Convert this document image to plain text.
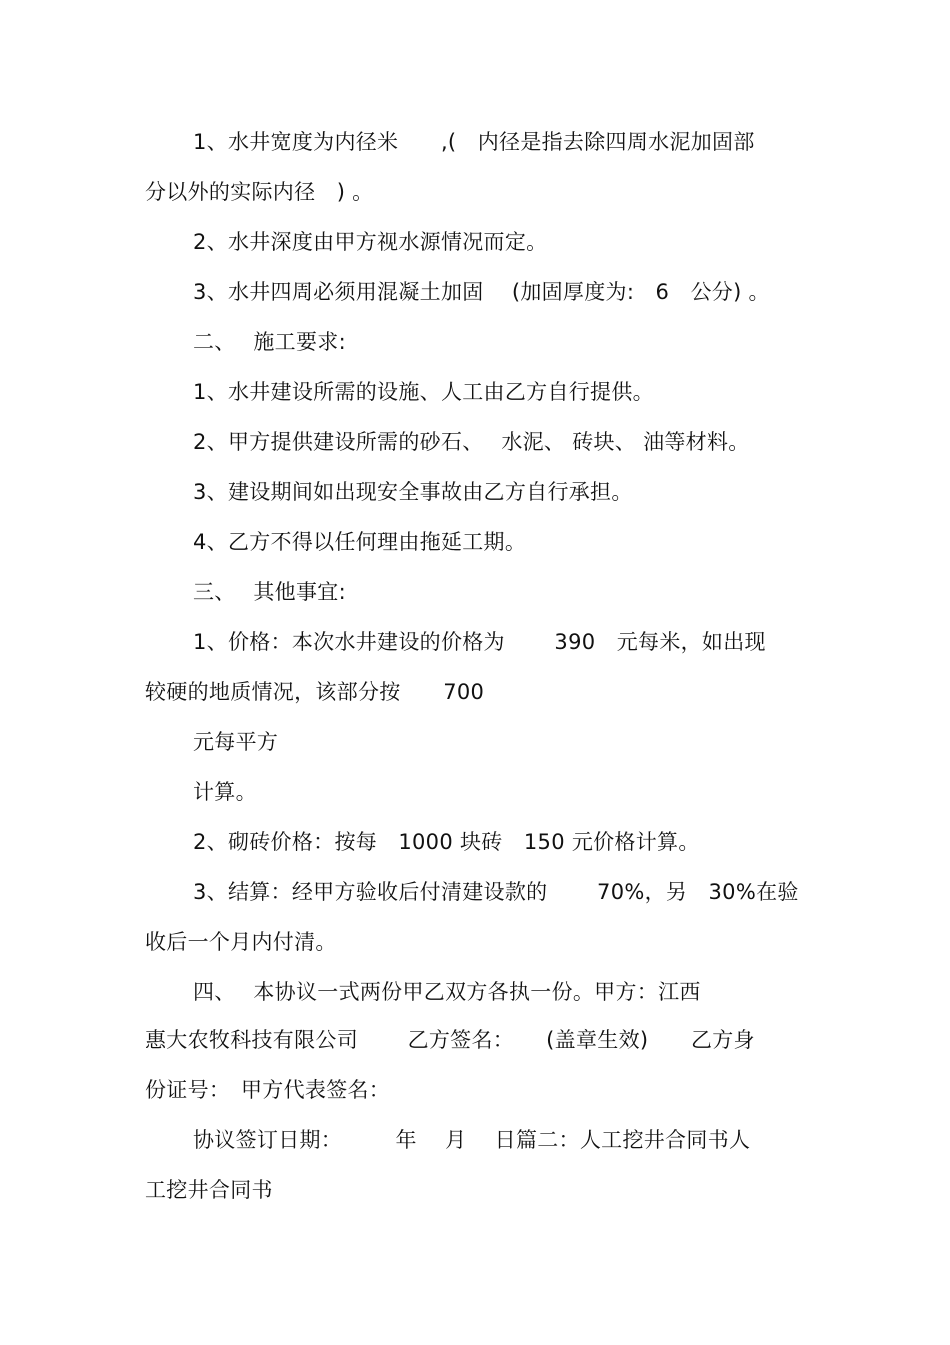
1、水井宽度为内径米　　,(　内径是指去除四周水泥加固部
分以外的实际内径　) 。
2、水井深度由甲方视水源情况而定。
3、水井四周必须用混凝土加固　 (加固厚度为:　6　公分) 。
二、　 施工要求:
1、水井建设所需的设施、人工由乙方自行提供。
2、甲方提供建设所需的砂石、　 水泥、 砖块、 油等材料。
3、建设期间如出现安全事故由乙方自行承担。
4、乙方不得以任何理由拖延工期。
三、　 其他事宜:
1、价格：本次水井建设的价格为　　 390　元每米，如出现
较硬的地质情况，该部分按　　700
元每平方
计算。
2、砌砖价格：按每　1000 块砖　150 元价格计算。
3、结算：经甲方验收后付清建设款的　　 70%，另　30%在验
收后一个月内付清。
四、　 本协议一式两份甲乙双方各执一份。甲方：江西
惠大农牧科技有限公司　　 乙方签名：　　(盖章生效)　　乙方身
份证号：　甲方代表签名：
协议签订日期：　　　年　 月　 日篇二：人工挖井合同书人
工挖井合同书
